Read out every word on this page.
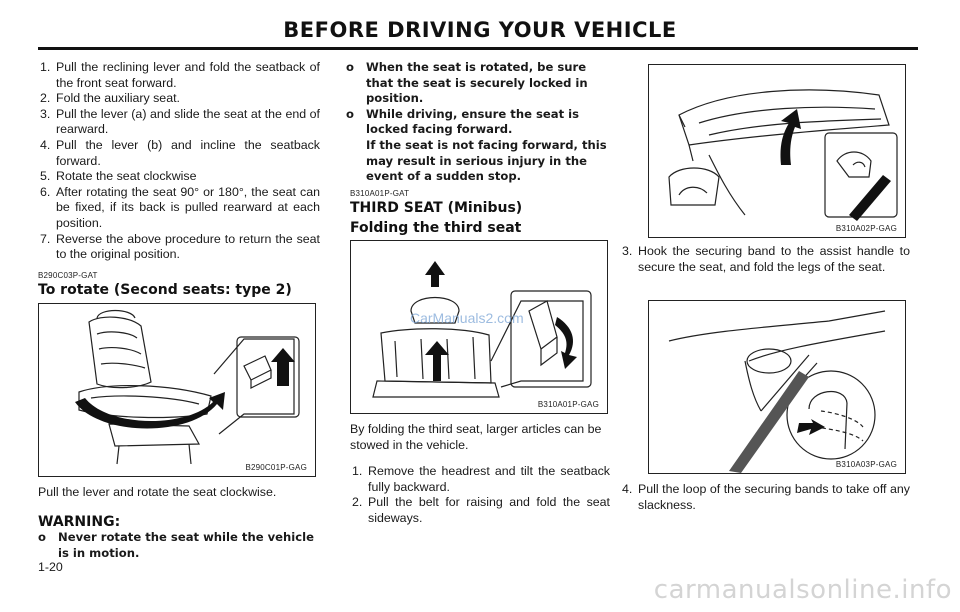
BEFORE DRIVING YOUR VEHICLE
1. Pull the reclining lever and fold the seatback of the front seat forward.
2. Fold the auxiliary seat.
3. Pull the lever (a) and slide the seat at the end of rearward.
4. Pull the lever (b) and incline the seatback forward.
5. Rotate the seat clockwise
6. After rotating the seat 90° or 180°, the seat can be fixed, if its back is pulled rearward at each position.
7. Reverse the above procedure to return the seat to the original position.
B290C03P-GAT
To rotate (Second seats: type 2)
B290C01P-GAG
Pull the lever and rotate the seat clockwise.
WARNING:
o Never rotate the seat while the vehicle is in motion.
1-20
o When the seat is rotated, be sure that the seat is securely locked in position.
o While driving, ensure the seat is locked facing forward.
If the seat is not facing forward, this may result in serious injury in the event of a sudden stop.
B310A01P-GAT
THIRD SEAT (Minibus)
Folding the third seat
B310A01P-GAG
CarManuals2.com
By folding the third seat, larger articles can be stowed in the vehicle.
1. Remove the headrest and tilt the seatback fully backward.
2. Pull the belt for raising and fold the seat sideways.
B310A02P-GAG
3. Hook the securing band to the assist handle to secure the seat, and fold the legs of the seat.
B310A03P-GAG
4. Pull the loop of the securing bands to take off any slackness.
carmanualsonline.info
